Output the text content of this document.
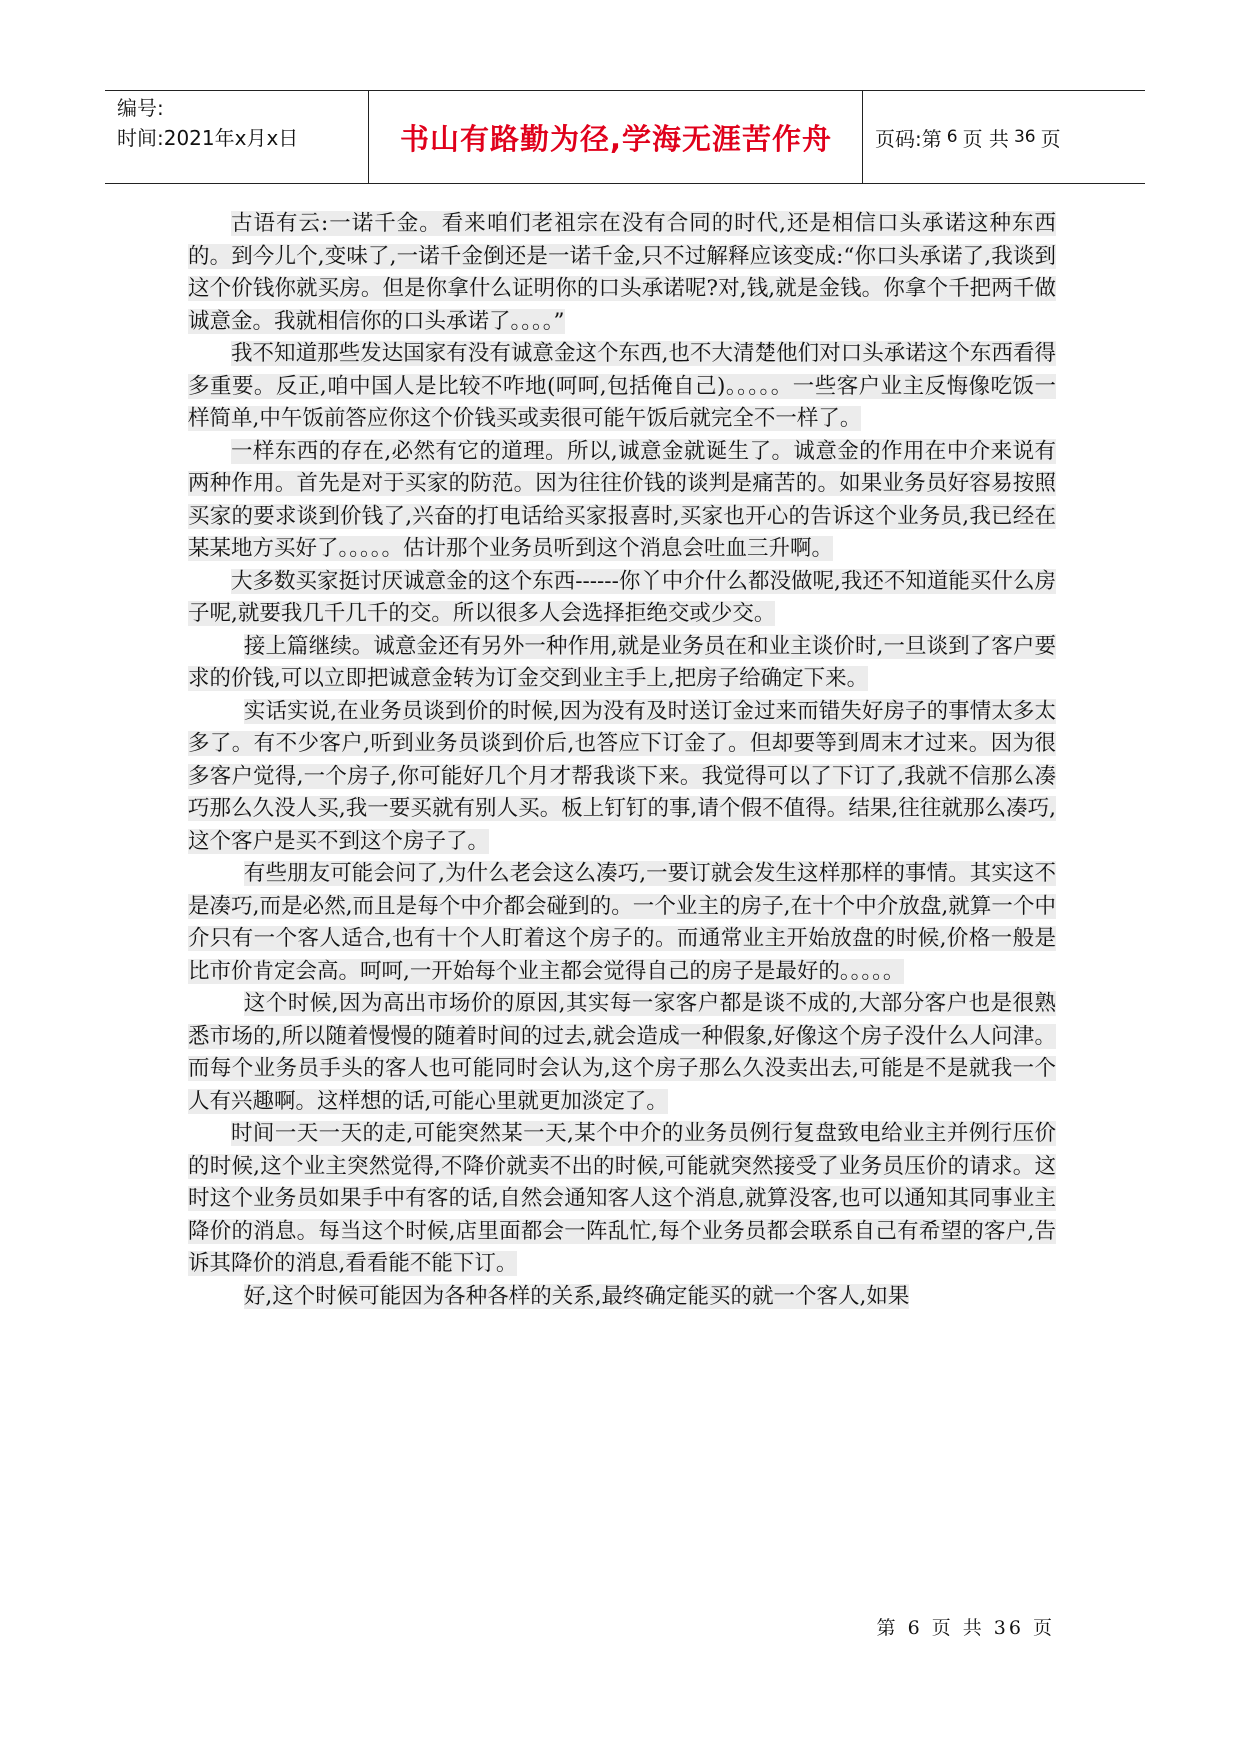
编号:
时间:2021年x月x日	书山有路勤为径,学海无涯苦作舟	页码:第 6 页 共 36 页

古语有云:一诺千金。看来咱们老祖宗在没有合同的时代,还是相信口头承诺这种东西的。到今儿个,变味了,一诺千金倒还是一诺千金,只不过解释应该变成:“你口头承诺了,我谈到这个价钱你就买房。但是你拿什么证明你的口头承诺呢?对,钱,就是金钱。你拿个千把两千做诚意金。我就相信你的口头承诺了。。。。”

我不知道那些发达国家有没有诚意金这个东西,也不大清楚他们对口头承诺这个东西看得多重要。反正,咱中国人是比较不咋地(呵呵,包括俺自己)。。。。。一些客户业主反悔像吃饭一样简单,中午饭前答应你这个价钱买或卖很可能午饭后就完全不一样了。

一样东西的存在,必然有它的道理。所以,诚意金就诞生了。诚意金的作用在中介来说有两种作用。首先是对于买家的防范。因为往往价钱的谈判是痛苦的。如果业务员好容易按照买家的要求谈到价钱了,兴奋的打电话给买家报喜时,买家也开心的告诉这个业务员,我已经在某某地方买好了。。。。。估计那个业务员听到这个消息会吐血三升啊。

大多数买家挺讨厌诚意金的这个东西------你丫中介什么都没做呢,我还不知道能买什么房子呢,就要我几千几千的交。所以很多人会选择拒绝交或少交。

接上篇继续。诚意金还有另外一种作用,就是业务员在和业主谈价时,一旦谈到了客户要求的价钱,可以立即把诚意金转为订金交到业主手上,把房子给确定下来。

实话实说,在业务员谈到价的时候,因为没有及时送订金过来而错失好房子的事情太多太多了。有不少客户,听到业务员谈到价后,也答应下订金了。但却要等到周末才过来。因为很多客户觉得,一个房子,你可能好几个月才帮我谈下来。我觉得可以了下订了,我就不信那么凑巧那么久没人买,我一要买就有别人买。板上钉钉的事,请个假不值得。结果,往往就那么凑巧,这个客户是买不到这个房子了。

有些朋友可能会问了,为什么老会这么凑巧,一要订就会发生这样那样的事情。其实这不是凑巧,而是必然,而且是每个中介都会碰到的。一个业主的房子,在十个中介放盘,就算一个中介只有一个客人适合,也有十个人盯着这个房子的。而通常业主开始放盘的时候,价格一般是比市价肯定会高。呵呵,一开始每个业主都会觉得自己的房子是最好的。。。。。

这个时候,因为高出市场价的原因,其实每一家客户都是谈不成的,大部分客户也是很熟悉市场的,所以随着慢慢的随着时间的过去,就会造成一种假象,好像这个房子没什么人问津。而每个业务员手头的客人也可能同时会认为,这个房子那么久没卖出去,可能是不是就我一个人有兴趣啊。这样想的话,可能心里就更加淡定了。

时间一天一天的走,可能突然某一天,某个中介的业务员例行复盘致电给业主并例行压价的时候,这个业主突然觉得,不降价就卖不出的时候,可能就突然接受了业务员压价的请求。这时这个业务员如果手中有客的话,自然会通知客人这个消息,就算没客,也可以通知其同事业主降价的消息。每当这个时候,店里面都会一阵乱忙,每个业务员都会联系自己有希望的客户,告诉其降价的消息,看看能不能下订。

好,这个时候可能因为各种各样的关系,最终确定能买的就一个客人,如果

第 6 页 共 36 页
